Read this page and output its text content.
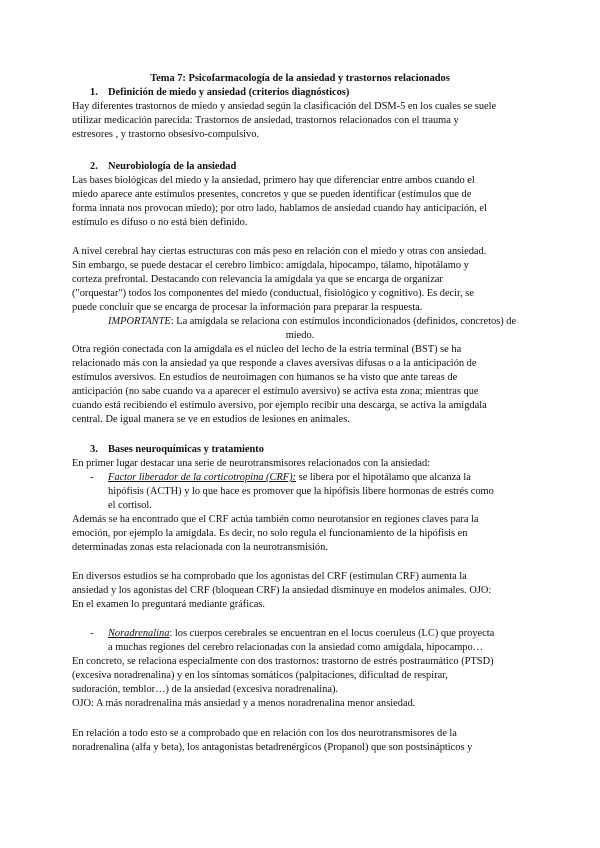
Tema 7: Psicofarmacología de la ansiedad y trastornos relacionados
1. Definición de miedo y ansiedad (criterios diagnósticos)
Hay diferentes trastornos de miedo y ansiedad según la clasificación del DSM-5 en los cuales se suele
utilizar medicación parecida: Trastornos de ansiedad, trastornos relacionados con el trauma y
estresores , y trastorno obsesivo-compulsivo.
2. Neurobiología de la ansiedad
Las bases biológicas del miedo y la ansiedad, primero hay que diferenciar entre ambos cuando el
miedo aparece ante estímulos presentes, concretos y que se pueden identificar (estímulos que de
forma innata nos provocan miedo); por otro lado, hablamos de ansiedad cuando hay anticipación, el
estímulo es difuso o no está bien definido.
A nivel cerebral hay ciertas estructuras con más peso en relación con el miedo y otras con ansiedad.
Sin embargo, se puede destacar el cerebro límbico: amígdala, hipocampo, tálamo, hipotálamo y
corteza prefrontal. Destacando con relevancia la amígdala ya que se encarga de organizar
("orquestar") todos los componentes del miedo (conductual, fisiológico y cognitivo). Es decir, se
puede concluir que se encarga de procesar la información para preparar la respuesta.
IMPORTANTE: La amígdala se relaciona con estímulos incondicionados (definidos, concretos) de
miedo.
Otra región conectada con la amígdala es el núcleo del lecho de la estría terminal (BST) se ha
relacionado más con la ansiedad ya que responde a claves aversivas difusas o a la anticipación de
estímulos aversivos. En estudios de neuroimagen con humanos se ha visto que ante tareas de
anticipación (no sabe cuando va a aparecer el estímulo aversivo) se activa esta zona; mientras que
cuando está recibiendo el estímulo aversivo, por ejemplo recibir una descarga, se activa la amígdala
central. De igual manera se ve en estudios de lesiones en animales.
3. Bases neuroquímicas y tratamiento
En primer lugar destacar una serie de neurotransmisores relacionados con la ansiedad:
- Factor liberador de la corticotropina (CRF): se libera por el hipotálamo que alcanza la
hipófisis (ACTH) y lo que hace es promover que la hipófisis libere hormonas de estrés como
el cortisol.
Además se ha encontrado que el CRF actúa también como neurotansior en regiones claves para la
emoción, por ejemplo la amígdala. Es decir, no solo regula el funcionamiento de la hipófisis en
determinadas zonas esta relacionada con la neurotransmisión.
En diversos estudios se ha comprobado que los agonistas del CRF (estimulan CRF) aumenta la
ansiedad y los agonistas del CRF (bloquean CRF) la ansiedad disminuye en modelos animales. OJO:
En el examen lo preguntará mediante gráficas.
- Noradrenalina: los cuerpos cerebrales se encuentran en el locus coeruleus (LC) que proyecta
a muchas regiones del cerebro relacionadas con la ansiedad como amígdala, hipocampo…
En concreto, se relaciona especialmente con dos trastornos: trastorno de estrés postraumático (PTSD)
(excesiva noradrenalina) y en los síntomas somáticos (palpitaciones, dificultad de respirar,
sudoración, temblor…) de la ansiedad (excesiva noradrenalina).
OJO: A más noradrenalina más ansiedad y a menos noradrenalina menor ansiedad.
En relación a todo esto se a comprobado que en relación con los dos neurotransmisores de la
noradrenalina (alfa y beta), los antagonistas betadrenérgicos (Propanol) que son postsinápticos y
